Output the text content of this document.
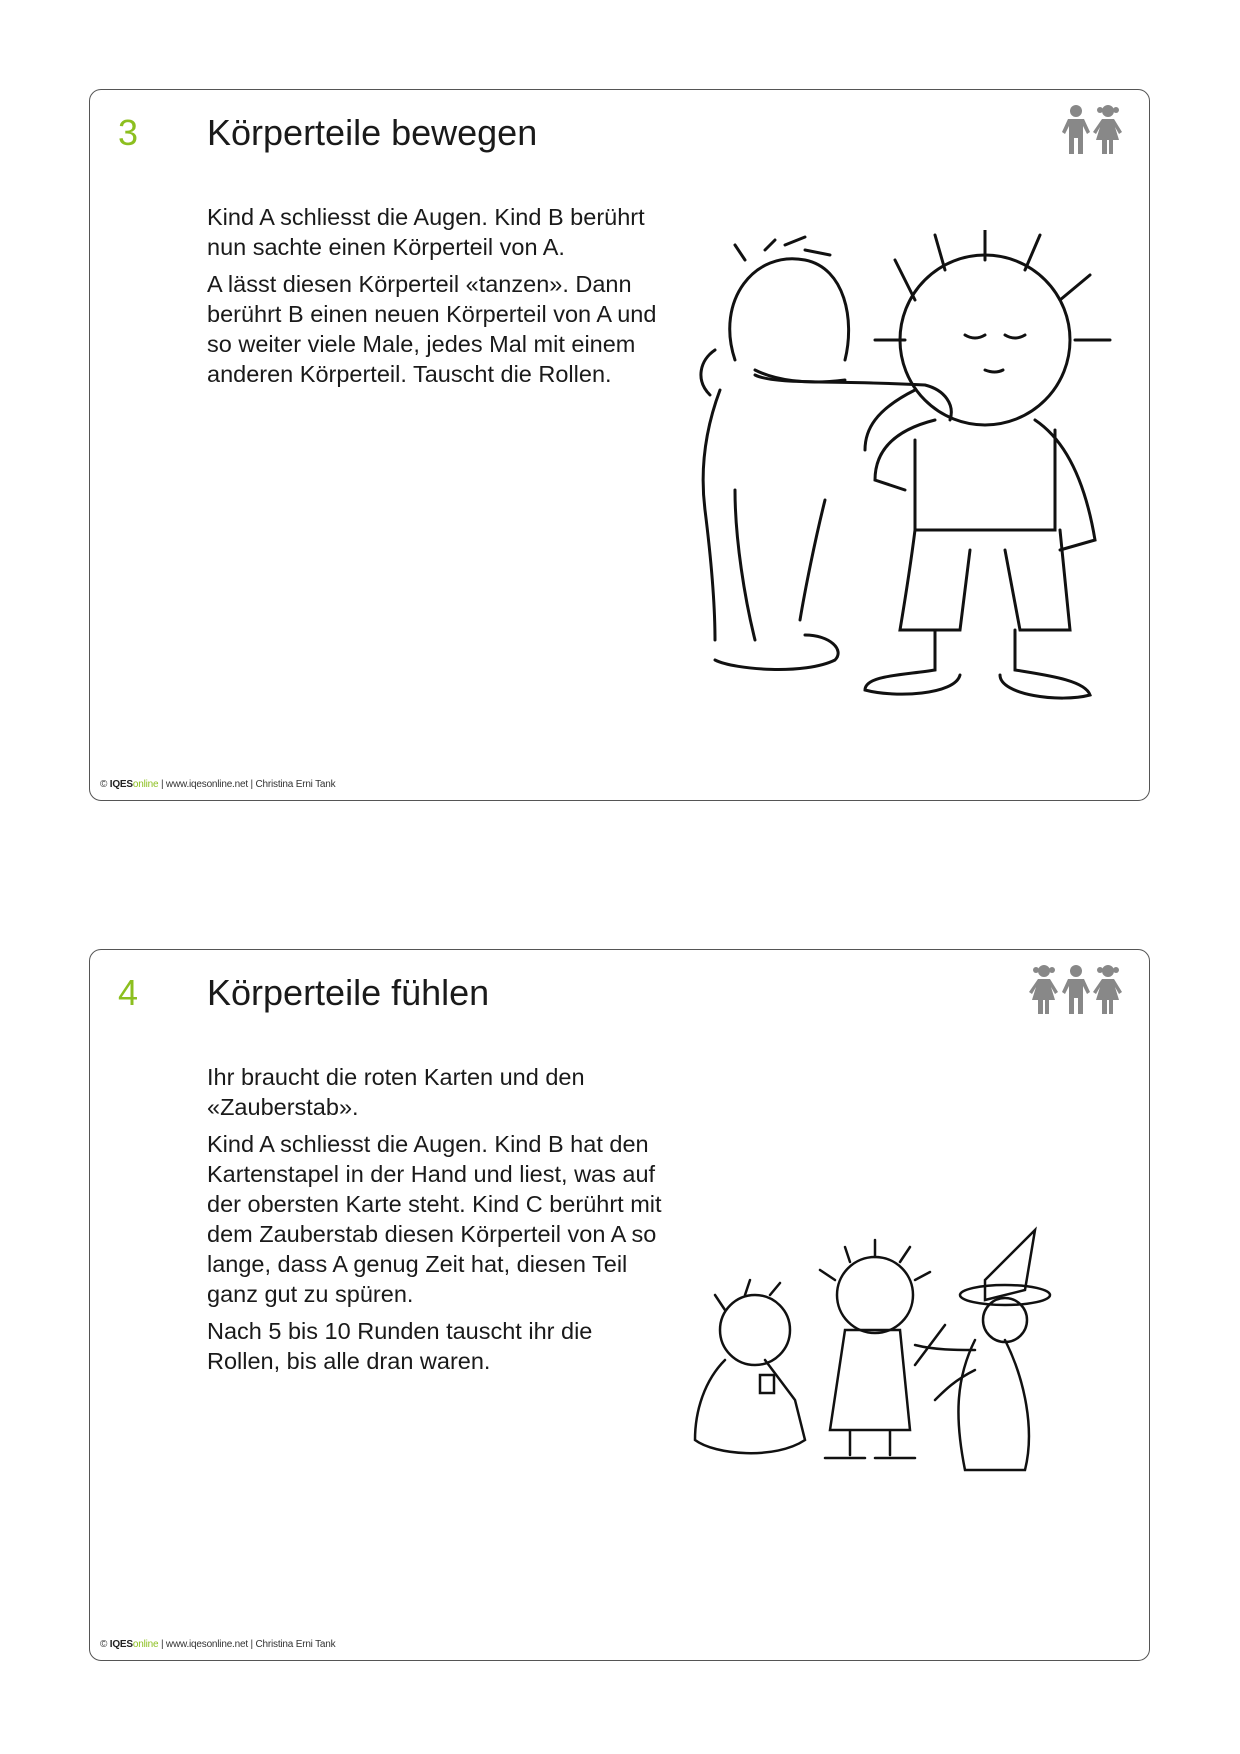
3 Körperteile bewegen

Kind A schliesst die Augen. Kind B berührt nun sachte einen Körperteil von A.

A lässt diesen Körperteil «tanzen». Dann berührt B einen neuen Körperteil von A und so weiter viele Male, jedes Mal mit einem anderen Körperteil. Tauscht die Rollen.

© IQESonline | www.iqesonline.net | Christina Erni Tank
4 Körperteile fühlen

Ihr braucht die roten Karten und den «Zauberstab».

Kind A schliesst die Augen. Kind B hat den Kartenstapel in der Hand und liest, was auf der obersten Karte steht. Kind C berührt mit dem Zauberstab diesen Körperteil von A so lange, dass A genug Zeit hat, diesen Teil ganz gut zu spüren.

Nach 5 bis 10 Runden tauscht ihr die Rollen, bis alle dran waren.

© IQESonline | www.iqesonline.net | Christina Erni Tank
